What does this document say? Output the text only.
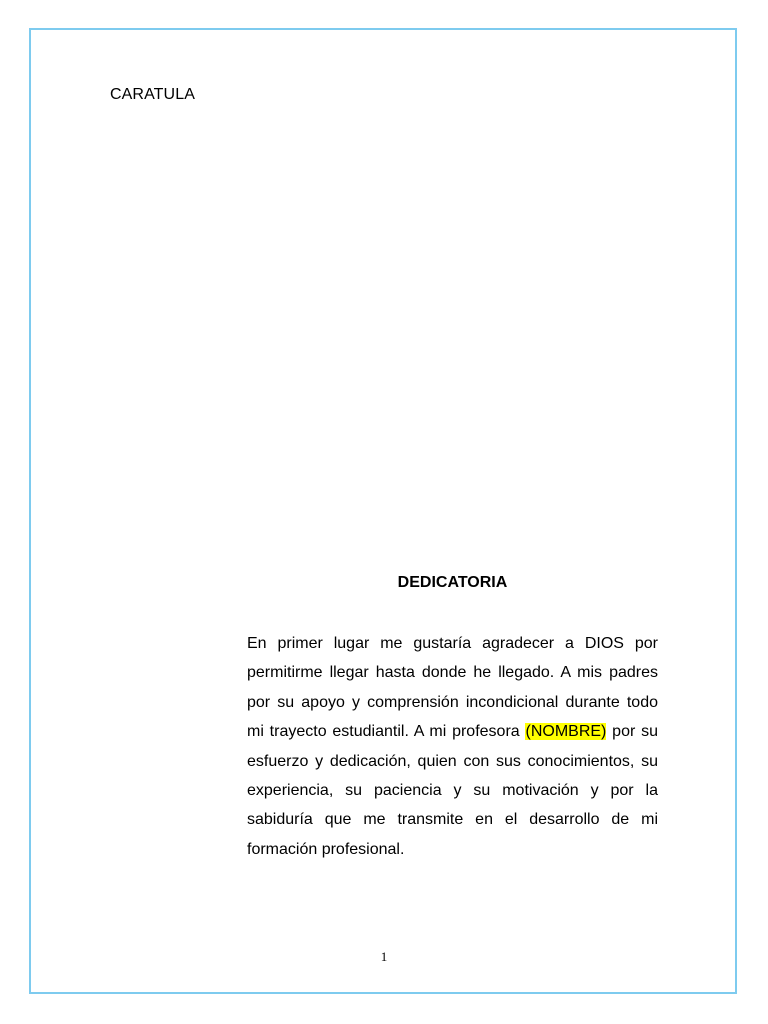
CARATULA
DEDICATORIA

En primer lugar me gustaría agradecer a DIOS por permitirme llegar hasta donde he llegado. A mis padres por su apoyo y comprensión incondicional durante todo mi trayecto estudiantil. A mi profesora (NOMBRE) por su esfuerzo y dedicación, quien con sus conocimientos, su experiencia, su paciencia y su motivación y por la sabiduría que me transmite en el desarrollo de mi formación profesional.

1
